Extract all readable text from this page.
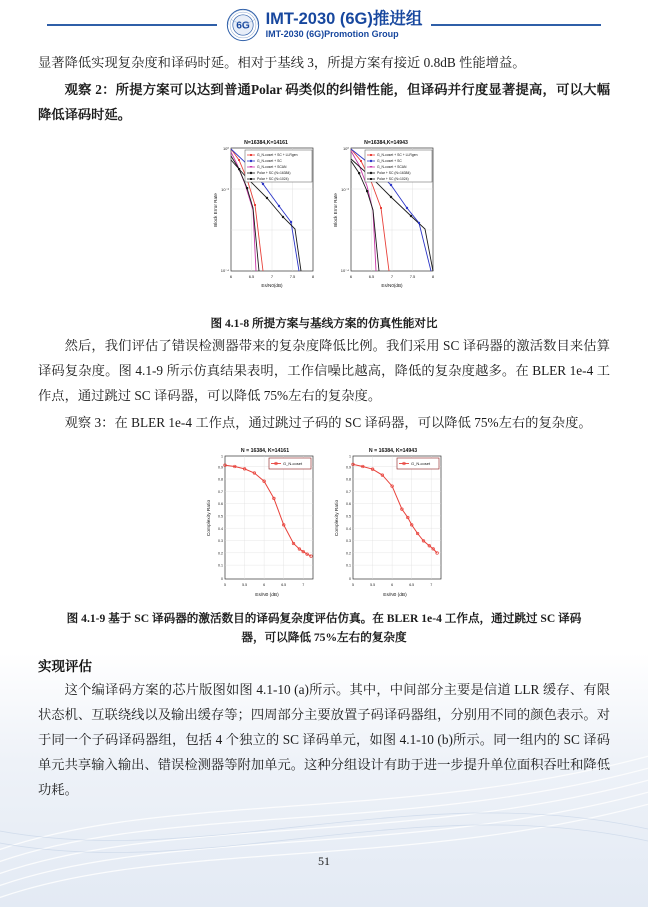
6G IMT-2030 (6G)推进组
IMT-2030 (6G)Promotion Group

显著降低实现复杂度和译码时延。相对于基线 3，所提方案有接近 0.8dB 性能增益。

观察 2：所提方案可以达到普通Polar 码类似的纠错性能，但译码并行度显著提高，可以大幅降低译码时延。

N=16384,K=14161
10⁰
10⁻²
10⁻⁴
6	6.5	7	7.5	8
Es/N0(dB)
Block Error Rate
G_N-coset + SC + LLRgen
G_N-coset + SC
G_N-coset + SCAN
Polar + SC (N=16384)
Polar + SC (N=1024)
N=16384,K=14943
10⁰
10⁻²
10⁻⁴
6	6.5	7	7.5	8
Es/N0(dB)
Block Error Rate
G_N-coset + SC + LLRgen
G_N-coset + SC
G_N-coset + SCAN
Polar + SC (N=16384)
Polar + SC (N=1024)
图 4.1-8 所提方案与基线方案的仿真性能对比

然后，我们评估了错误检测器带来的复杂度降低比例。我们采用 SC 译码器的激活数目来估算译码复杂度。图 4.1-9 所示仿真结果表明，工作信噪比越高，降低的复杂度越多。在 BLER 1e-4 工作点，通过跳过 SC 译码器，可以降低 75%左右的复杂度。

观察 3：在 BLER 1e-4 工作点，通过跳过子码的 SC 译码器，可以降低 75%左右的复杂度。

N = 16384, K=14161
1
0.9
0.8
0.7
0.6
0.5
0.4
0.3
0.2
0.1
0
5	5.5	6	6.5	7
Es/N0 (dB)
Complexity Ratio
G_N-coset
N = 16384, K=14943
1
0.9
0.8
0.7
0.6
0.5
0.4
0.3
0.2
0.1
0
5	5.5	6	6.5	7
Es/N0 (dB)
Complexity Ratio
G_N-coset
图 4.1-9 基于 SC 译码器的激活数目的译码复杂度评估仿真。在 BLER 1e-4 工作点，通过跳过 SC 译码器，可以降低 75%左右的复杂度
实现评估

这个编译码方案的芯片版图如图 4.1-10 (a)所示。其中，中间部分主要是信道 LLR 缓存、有限状态机、互联绕线以及输出缓存等；四周部分主要放置子码译码器组，分别用不同的颜色表示。对于同一个子码译码器组，包括 4 个独立的 SC 译码单元，如图 4.1-10 (b)所示。同一组内的 SC 译码单元共享输入输出、错误检测器等附加单元。这种分组设计有助于进一步提升单位面积吞吐和降低功耗。

51
